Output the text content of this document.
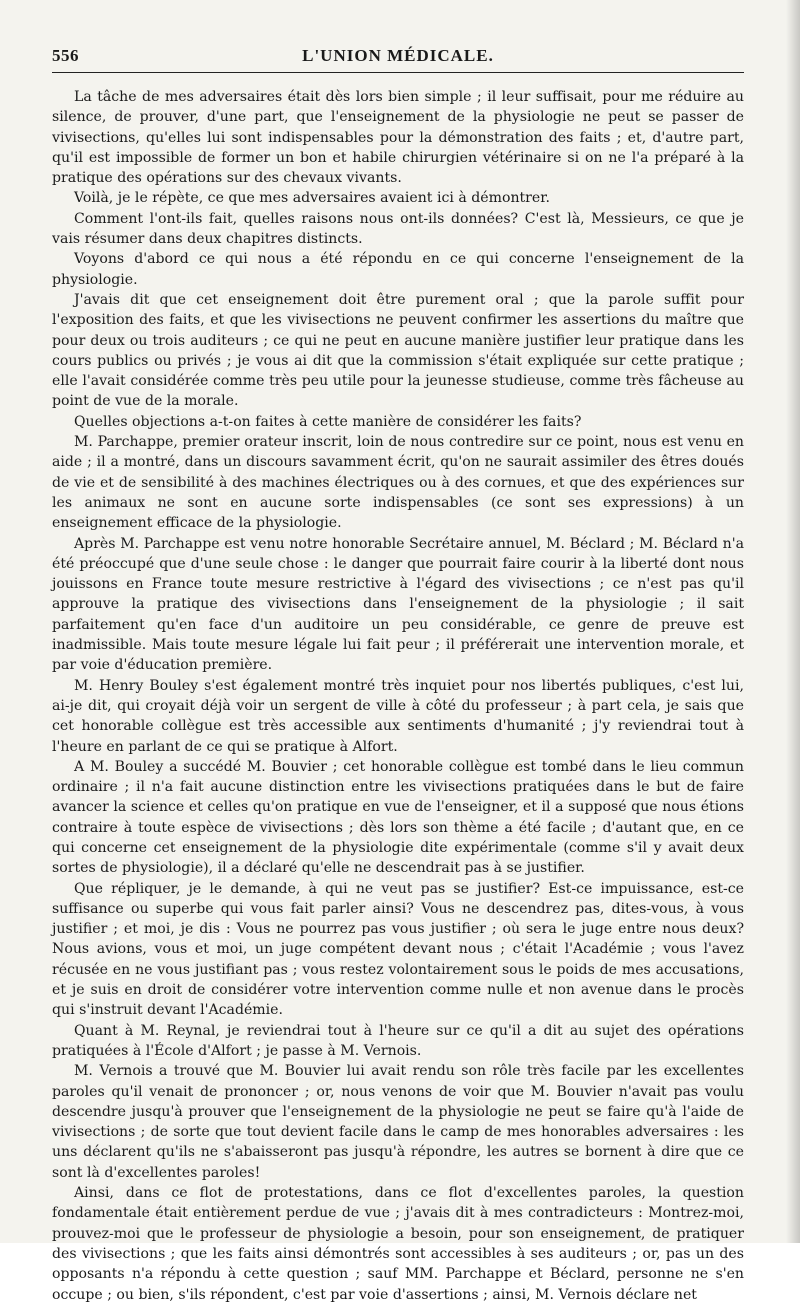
556	L'UNION MÉDICALE.

La tâche de mes adversaires était dès lors bien simple ; il leur suffisait, pour me réduire au silence, de prouver, d'une part, que l'enseignement de la physiologie ne peut se passer de vivisections, qu'elles lui sont indispensables pour la démonstration des faits ; et, d'autre part, qu'il est impossible de former un bon et habile chirurgien vétérinaire si on ne l'a préparé à la pratique des opérations sur des chevaux vivants.

Voilà, je le répète, ce que mes adversaires avaient ici à démontrer.

Comment l'ont-ils fait, quelles raisons nous ont-ils données? C'est là, Messieurs, ce que je vais résumer dans deux chapitres distincts.

Voyons d'abord ce qui nous a été répondu en ce qui concerne l'enseignement de la physiologie.

J'avais dit que cet enseignement doit être purement oral ; que la parole suffit pour l'exposition des faits, et que les vivisections ne peuvent confirmer les assertions du maître que pour deux ou trois auditeurs ; ce qui ne peut en aucune manière justifier leur pratique dans les cours publics ou privés ; je vous ai dit que la commission s'était expliquée sur cette pratique ; elle l'avait considérée comme très peu utile pour la jeunesse studieuse, comme très fâcheuse au point de vue de la morale.

Quelles objections a-t-on faites à cette manière de considérer les faits?

M. Parchappe, premier orateur inscrit, loin de nous contredire sur ce point, nous est venu en aide ; il a montré, dans un discours savamment écrit, qu'on ne saurait assimiler des êtres doués de vie et de sensibilité à des machines électriques ou à des cornues, et que des expériences sur les animaux ne sont en aucune sorte indispensables (ce sont ses expressions) à un enseignement efficace de la physiologie.

Après M. Parchappe est venu notre honorable Secrétaire annuel, M. Béclard ; M. Béclard n'a été préoccupé que d'une seule chose : le danger que pourrait faire courir à la liberté dont nous jouissons en France toute mesure restrictive à l'égard des vivisections ; ce n'est pas qu'il approuve la pratique des vivisections dans l'enseignement de la physiologie ; il sait parfaitement qu'en face d'un auditoire un peu considérable, ce genre de preuve est inadmissible. Mais toute mesure légale lui fait peur ; il préférerait une intervention morale, et par voie d'éducation première.

M. Henry Bouley s'est également montré très inquiet pour nos libertés publiques, c'est lui, ai-je dit, qui croyait déjà voir un sergent de ville à côté du professeur ; à part cela, je sais que cet honorable collègue est très accessible aux sentiments d'humanité ; j'y reviendrai tout à l'heure en parlant de ce qui se pratique à Alfort.

A M. Bouley a succédé M. Bouvier ; cet honorable collègue est tombé dans le lieu commun ordinaire ; il n'a fait aucune distinction entre les vivisections pratiquées dans le but de faire avancer la science et celles qu'on pratique en vue de l'enseigner, et il a supposé que nous étions contraire à toute espèce de vivisections ; dès lors son thème a été facile ; d'autant que, en ce qui concerne cet enseignement de la physiologie dite expérimentale (comme s'il y avait deux sortes de physiologie), il a déclaré qu'elle ne descendrait pas à se justifier.

Que répliquer, je le demande, à qui ne veut pas se justifier? Est-ce impuissance, est-ce suffisance ou superbe qui vous fait parler ainsi? Vous ne descendrez pas, dites-vous, à vous justifier ; et moi, je dis : Vous ne pourrez pas vous justifier ; où sera le juge entre nous deux? Nous avions, vous et moi, un juge compétent devant nous ; c'était l'Académie ; vous l'avez récusée en ne vous justifiant pas ; vous restez volontairement sous le poids de mes accusations, et je suis en droit de considérer votre intervention comme nulle et non avenue dans le procès qui s'instruit devant l'Académie.

Quant à M. Reynal, je reviendrai tout à l'heure sur ce qu'il a dit au sujet des opérations pratiquées à l'École d'Alfort ; je passe à M. Vernois.

M. Vernois a trouvé que M. Bouvier lui avait rendu son rôle très facile par les excellentes paroles qu'il venait de prononcer ; or, nous venons de voir que M. Bouvier n'avait pas voulu descendre jusqu'à prouver que l'enseignement de la physiologie ne peut se faire qu'à l'aide de vivisections ; de sorte que tout devient facile dans le camp de mes honorables adversaires : les uns déclarent qu'ils ne s'abaisseront pas jusqu'à répondre, les autres se bornent à dire que ce sont là d'excellentes paroles!

Ainsi, dans ce flot de protestations, dans ce flot d'excellentes paroles, la question fondamentale était entièrement perdue de vue ; j'avais dit à mes contradicteurs : Montrez-moi, prouvez-moi que le professeur de physiologie a besoin, pour son enseignement, de pratiquer des vivisections ; que les faits ainsi démontrés sont accessibles à ses auditeurs ; or, pas un des opposants n'a répondu à cette question ; sauf MM. Parchappe et Béclard, personne ne s'en occupe ; ou bien, s'ils répondent, c'est par voie d'assertions ; ainsi, M. Vernois déclare net
